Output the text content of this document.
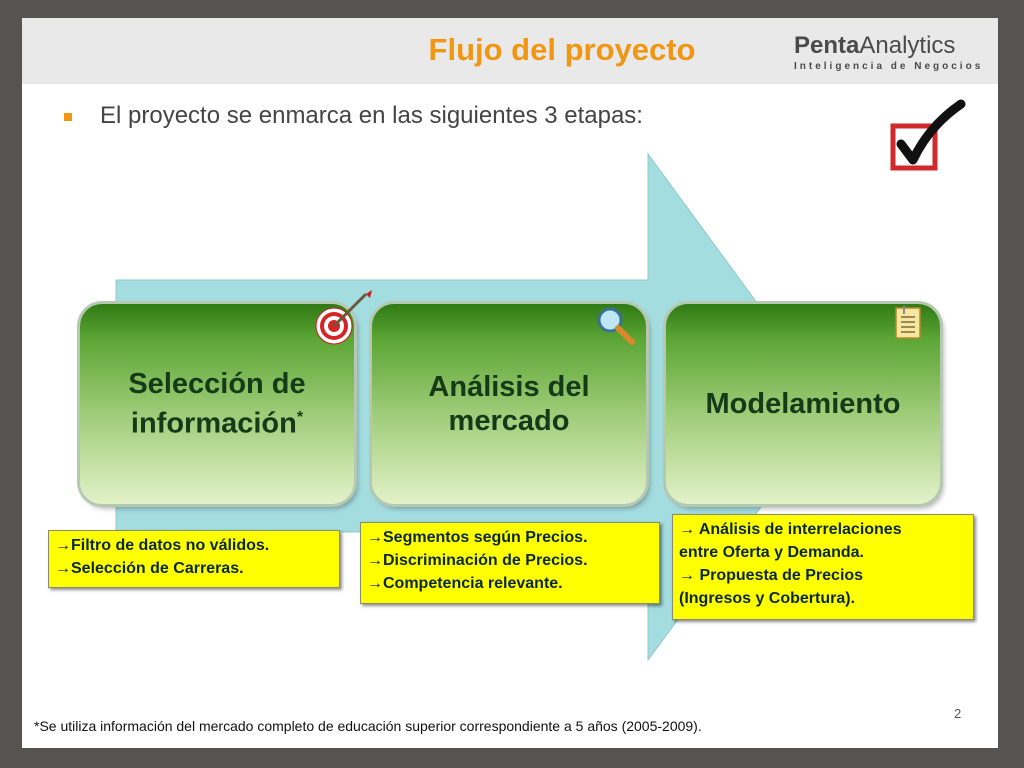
Flujo del proyecto	PentaAnalytics
Inteligencia de Negocios
El proyecto se enmarca en las siguientes 3 etapas:
Selección de
información*
Análisis del
mercado
Modelamiento
→Filtro de datos no válidos.
→Selección de Carreras.
→Segmentos según Precios.
→Discriminación de Precios.
→Competencia relevante.
→ Análisis de interrelaciones
entre Oferta y Demanda.
→ Propuesta de Precios
(Ingresos y Cobertura).
*Se utiliza información del mercado completo de educación superior correspondiente a 5 años (2005-2009).
2
